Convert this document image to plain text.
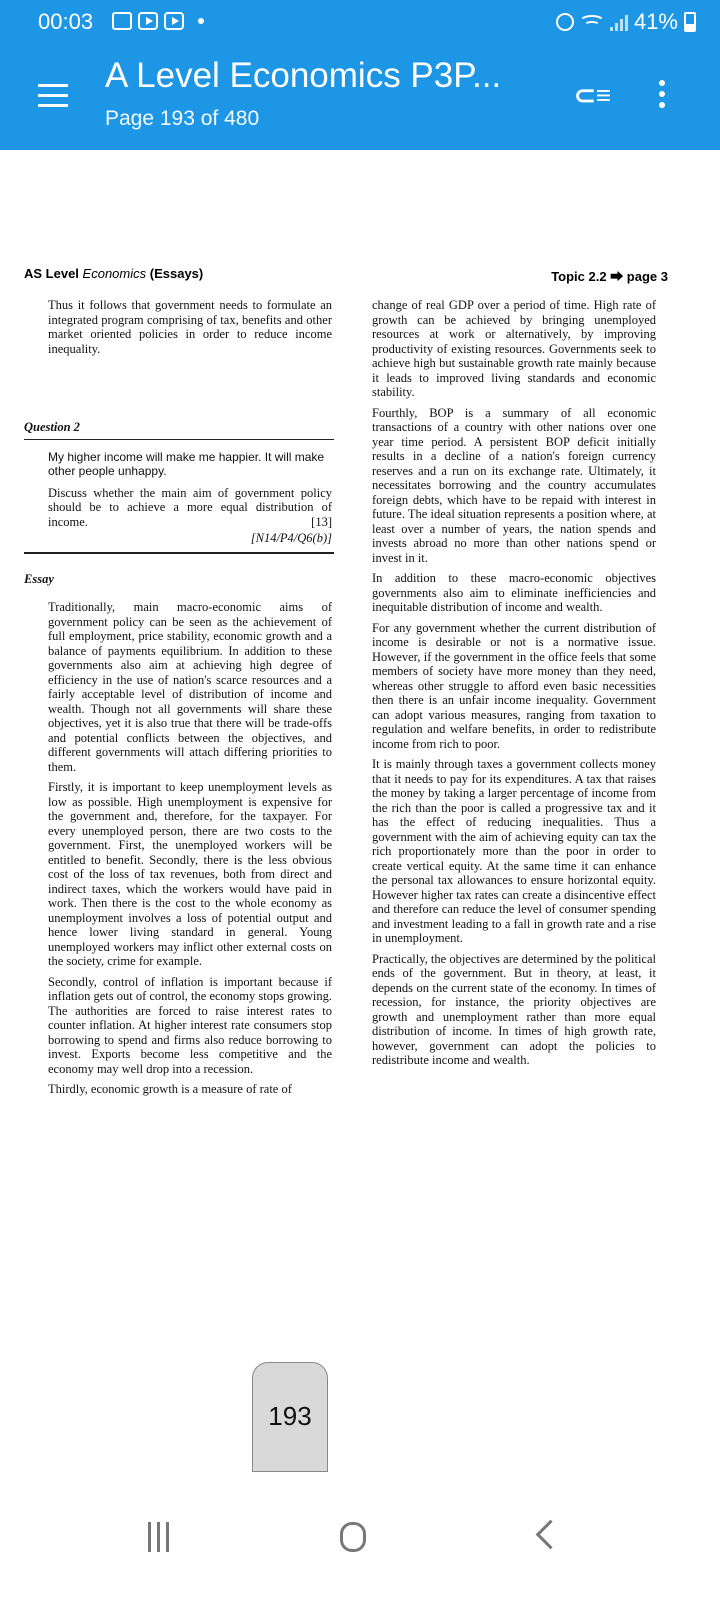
00:03	41%
A Level Economics P3P...
Page 193 of 480
⊂≡
AS Level Economics (Essays)	Topic 2.2 ⮕ page 3

Thus it follows that government needs to formulate an integrated program comprising of tax, benefits and other market oriented policies in order to reduce income inequality.

Question 2

My higher income will make me happier. It will make other people unhappy.

Discuss whether the main aim of government policy should be to achieve a more equal distribution of income.	[13]

[N14/P4/Q6(b)]

Essay

Traditionally, main macro-economic aims of government policy can be seen as the achievement of full employment, price stability, economic growth and a balance of payments equilibrium. In addition to these governments also aim at achieving high degree of efficiency in the use of nation's scarce resources and a fairly acceptable level of distribution of income and wealth. Though not all governments will share these objectives, yet it is also true that there will be trade-offs and potential conflicts between the objectives, and different governments will attach differing priorities to them.

Firstly, it is important to keep unemployment levels as low as possible. High unemployment is expensive for the government and, therefore, for the taxpayer. For every unemployed person, there are two costs to the government. First, the unemployed workers will be entitled to benefit. Secondly, there is the less obvious cost of the loss of tax revenues, both from direct and indirect taxes, which the workers would have paid in work. Then there is the cost to the whole economy as unemployment involves a loss of potential output and hence lower living standard in general. Young unemployed workers may inflict other external costs on the society, crime for example.

Secondly, control of inflation is important because if inflation gets out of control, the economy stops growing. The authorities are forced to raise interest rates to counter inflation. At higher interest rate consumers stop borrowing to spend and firms also reduce borrowing to invest. Exports become less competitive and the economy may well drop into a recession.

Thirdly, economic growth is a measure of rate of

change of real GDP over a period of time. High rate of growth can be achieved by bringing unemployed resources at work or alternatively, by improving productivity of existing resources. Governments seek to achieve high but sustainable growth rate mainly because it leads to improved living standards and economic stability.

Fourthly, BOP is a summary of all economic transactions of a country with other nations over one year time period. A persistent BOP deficit initially results in a decline of a nation's foreign currency reserves and a run on its exchange rate. Ultimately, it necessitates borrowing and the country accumulates foreign debts, which have to be repaid with interest in future. The ideal situation represents a position where, at least over a number of years, the nation spends and invests abroad no more than other nations spend or invest in it.

In addition to these macro-economic objectives governments also aim to eliminate inefficiencies and inequitable distribution of income and wealth.

For any government whether the current distribution of income is desirable or not is a normative issue. However, if the government in the office feels that some members of society have more money than they need, whereas other struggle to afford even basic necessities then there is an unfair income inequality. Government can adopt various measures, ranging from taxation to regulation and welfare benefits, in order to redistribute income from rich to poor.

It is mainly through taxes a government collects money that it needs to pay for its expenditures. A tax that raises the money by taking a larger percentage of income from the rich than the poor is called a progressive tax and it has the effect of reducing inequalities. Thus a government with the aim of achieving equity can tax the rich proportionately more than the poor in order to create vertical equity. At the same time it can enhance the personal tax allowances to ensure horizontal equity. However higher tax rates can create a disincentive effect and therefore can reduce the level of consumer spending and investment leading to a fall in growth rate and a rise in unemployment.

Practically, the objectives are determined by the political ends of the government. But in theory, at least, it depends on the current state of the economy. In times of recession, for instance, the priority objectives are growth and unemployment rather than more equal distribution of income. In times of high growth rate, however, government can adopt the policies to redistribute income and wealth.

193
